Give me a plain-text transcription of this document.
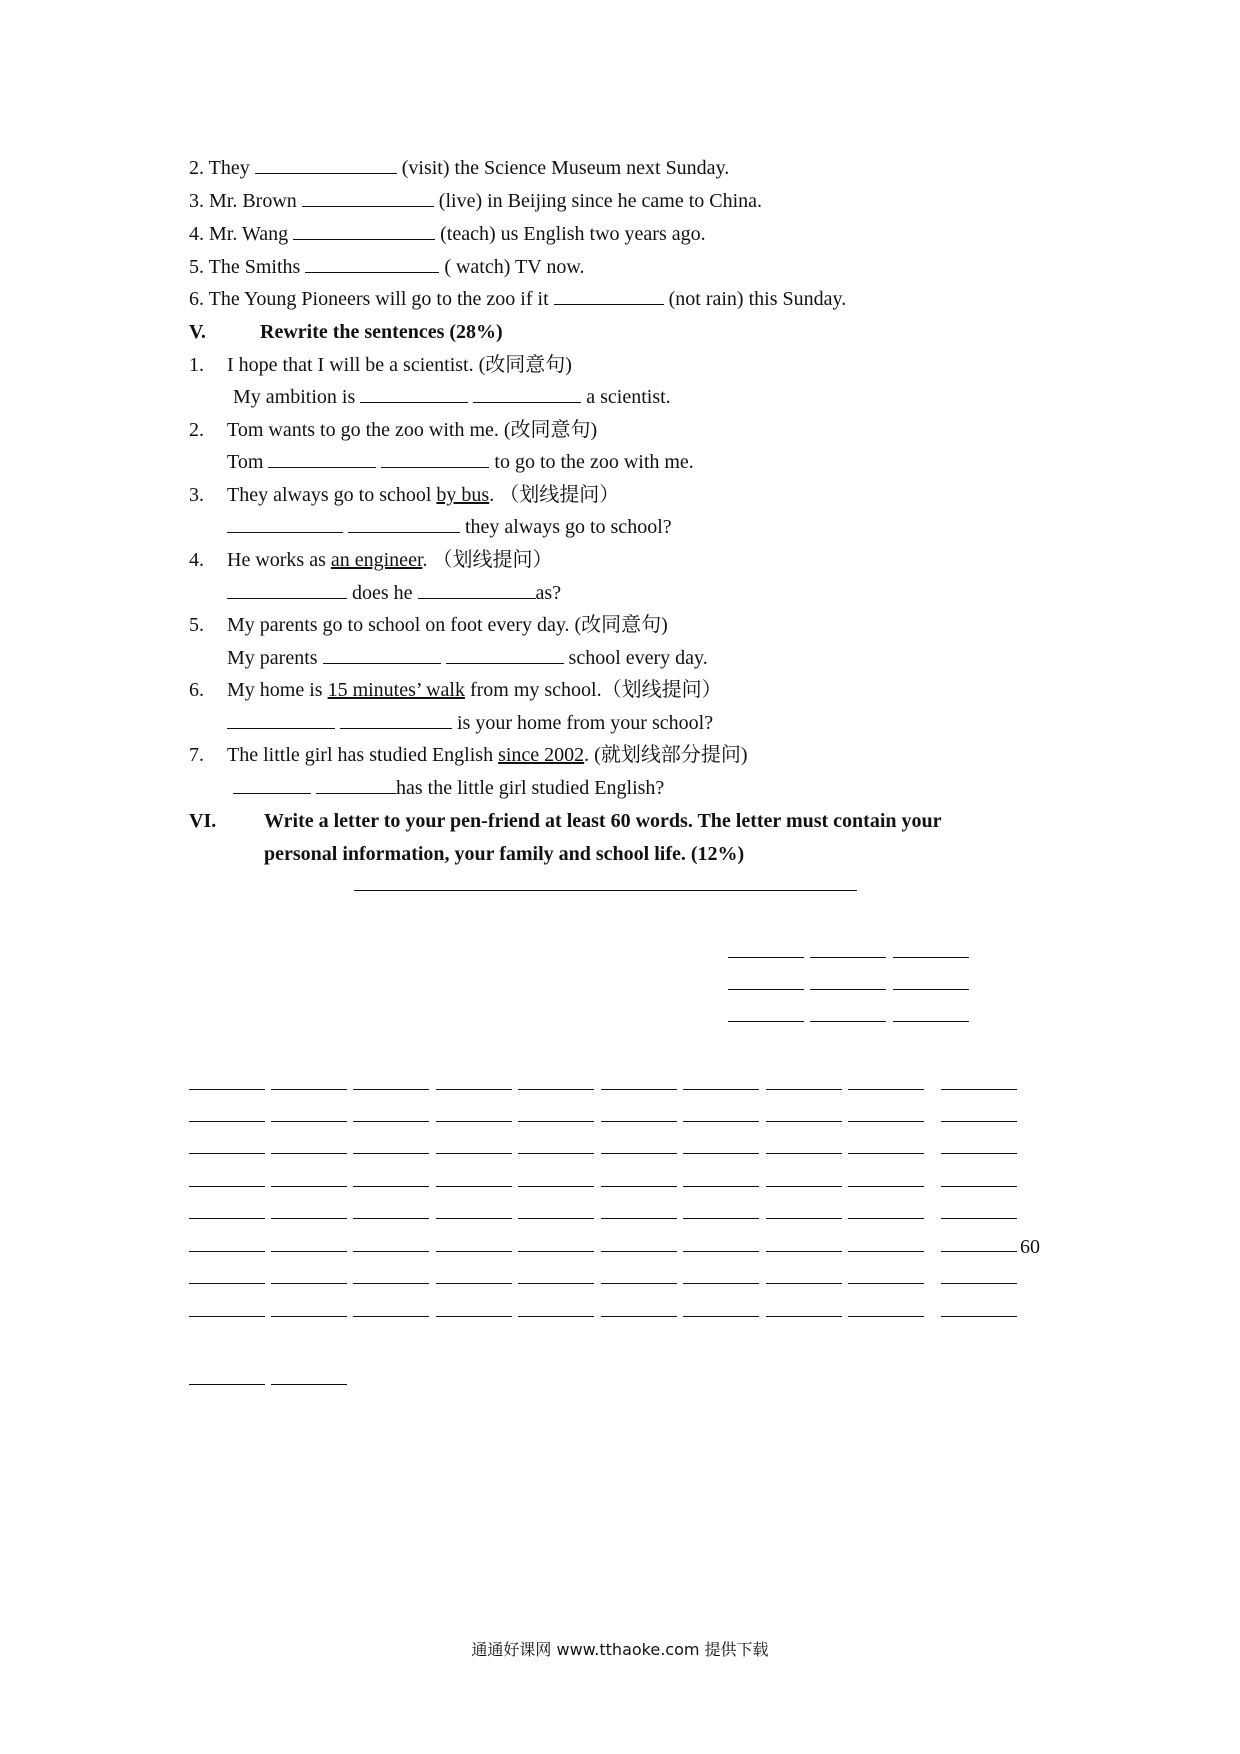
2. They	(visit) the Science Museum next Sunday.
3. Mr. Brown	(live) in Beijing since he came to China.
4. Mr. Wang	(teach) us English two years ago.
5. The Smiths	( watch) TV now.
6. The Young Pioneers will go to the zoo if it	(not rain) this Sunday.
V.	Rewrite the sentences (28%)
1. I hope that I will be a scientist. (改同意句)
My ambition is	a scientist.
2. Tom wants to go the zoo with me. (改同意句)
Tom	to go to the zoo with me.
3. They always go to school by bus. （划线提问）
they always go to school?
4. He works as an engineer. （划线提问）
does he	as?
5. My parents go to school on foot every day. (改同意句)
My parents	school every day.
6. My home is 15 minutes’ walk from my school.（划线提问）
is your home from your school?
7. The little girl has studied English since 2002. (就划线部分提问)
has the little girl studied English?
VI. Write a letter to your pen-friend at least 60 words. The letter must contain your
personal information, your family and school life. (12%)
60
通通好课网 www.tthaoke.com 提供下载
